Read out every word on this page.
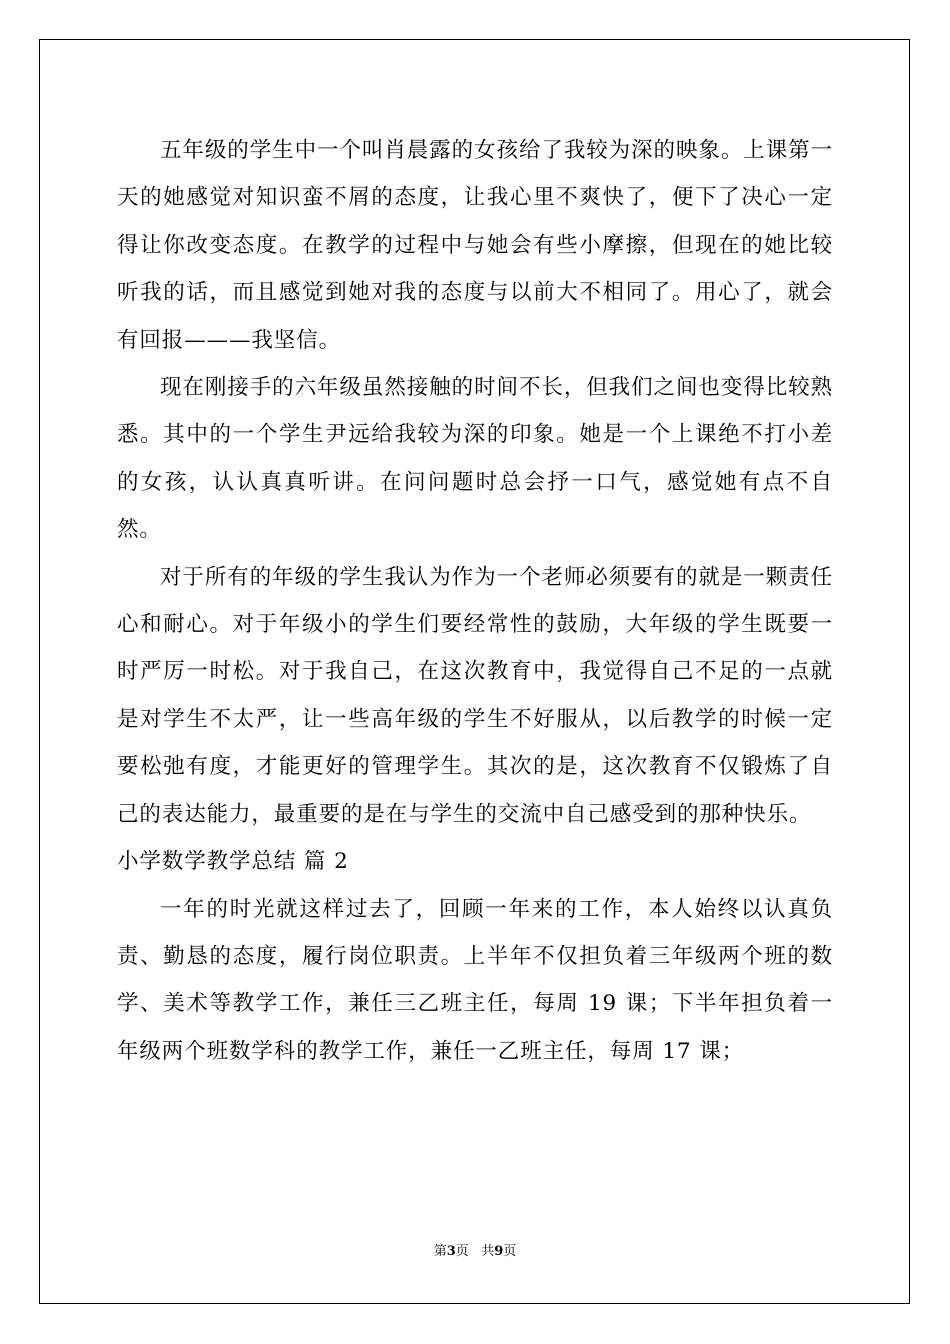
五年级的学生中一个叫肖晨露的女孩给了我较为深的映象。上课第一天的她感觉对知识蛮不屑的态度，让我心里不爽快了，便下了决心一定得让你改变态度。在教学的过程中与她会有些小摩擦，但现在的她比较听我的话，而且感觉到她对我的态度与以前大不相同了。用心了，就会有回报———我坚信。

现在刚接手的六年级虽然接触的时间不长，但我们之间也变得比较熟悉。其中的一个学生尹远给我较为深的印象。她是一个上课绝不打小差的女孩，认认真真听讲。在问问题时总会抒一口气，感觉她有点不自然。

对于所有的年级的学生我认为作为一个老师必须要有的就是一颗责任心和耐心。对于年级小的学生们要经常性的鼓励，大年级的学生既要一时严厉一时松。对于我自己，在这次教育中，我觉得自己不足的一点就是对学生不太严，让一些高年级的学生不好服从，以后教学的时候一定要松弛有度，才能更好的管理学生。其次的是，这次教育不仅锻炼了自己的表达能力，最重要的是在与学生的交流中自己感受到的那种快乐。

小学数学教学总结 篇 2

一年的时光就这样过去了，回顾一年来的工作，本人始终以认真负责、勤恳的态度，履行岗位职责。上半年不仅担负着三年级两个班的数学、美术等教学工作，兼任三乙班主任，每周 19 课；下半年担负着一年级两个班数学科的教学工作，兼任一乙班主任，每周 17 课；

第3页 共9页
